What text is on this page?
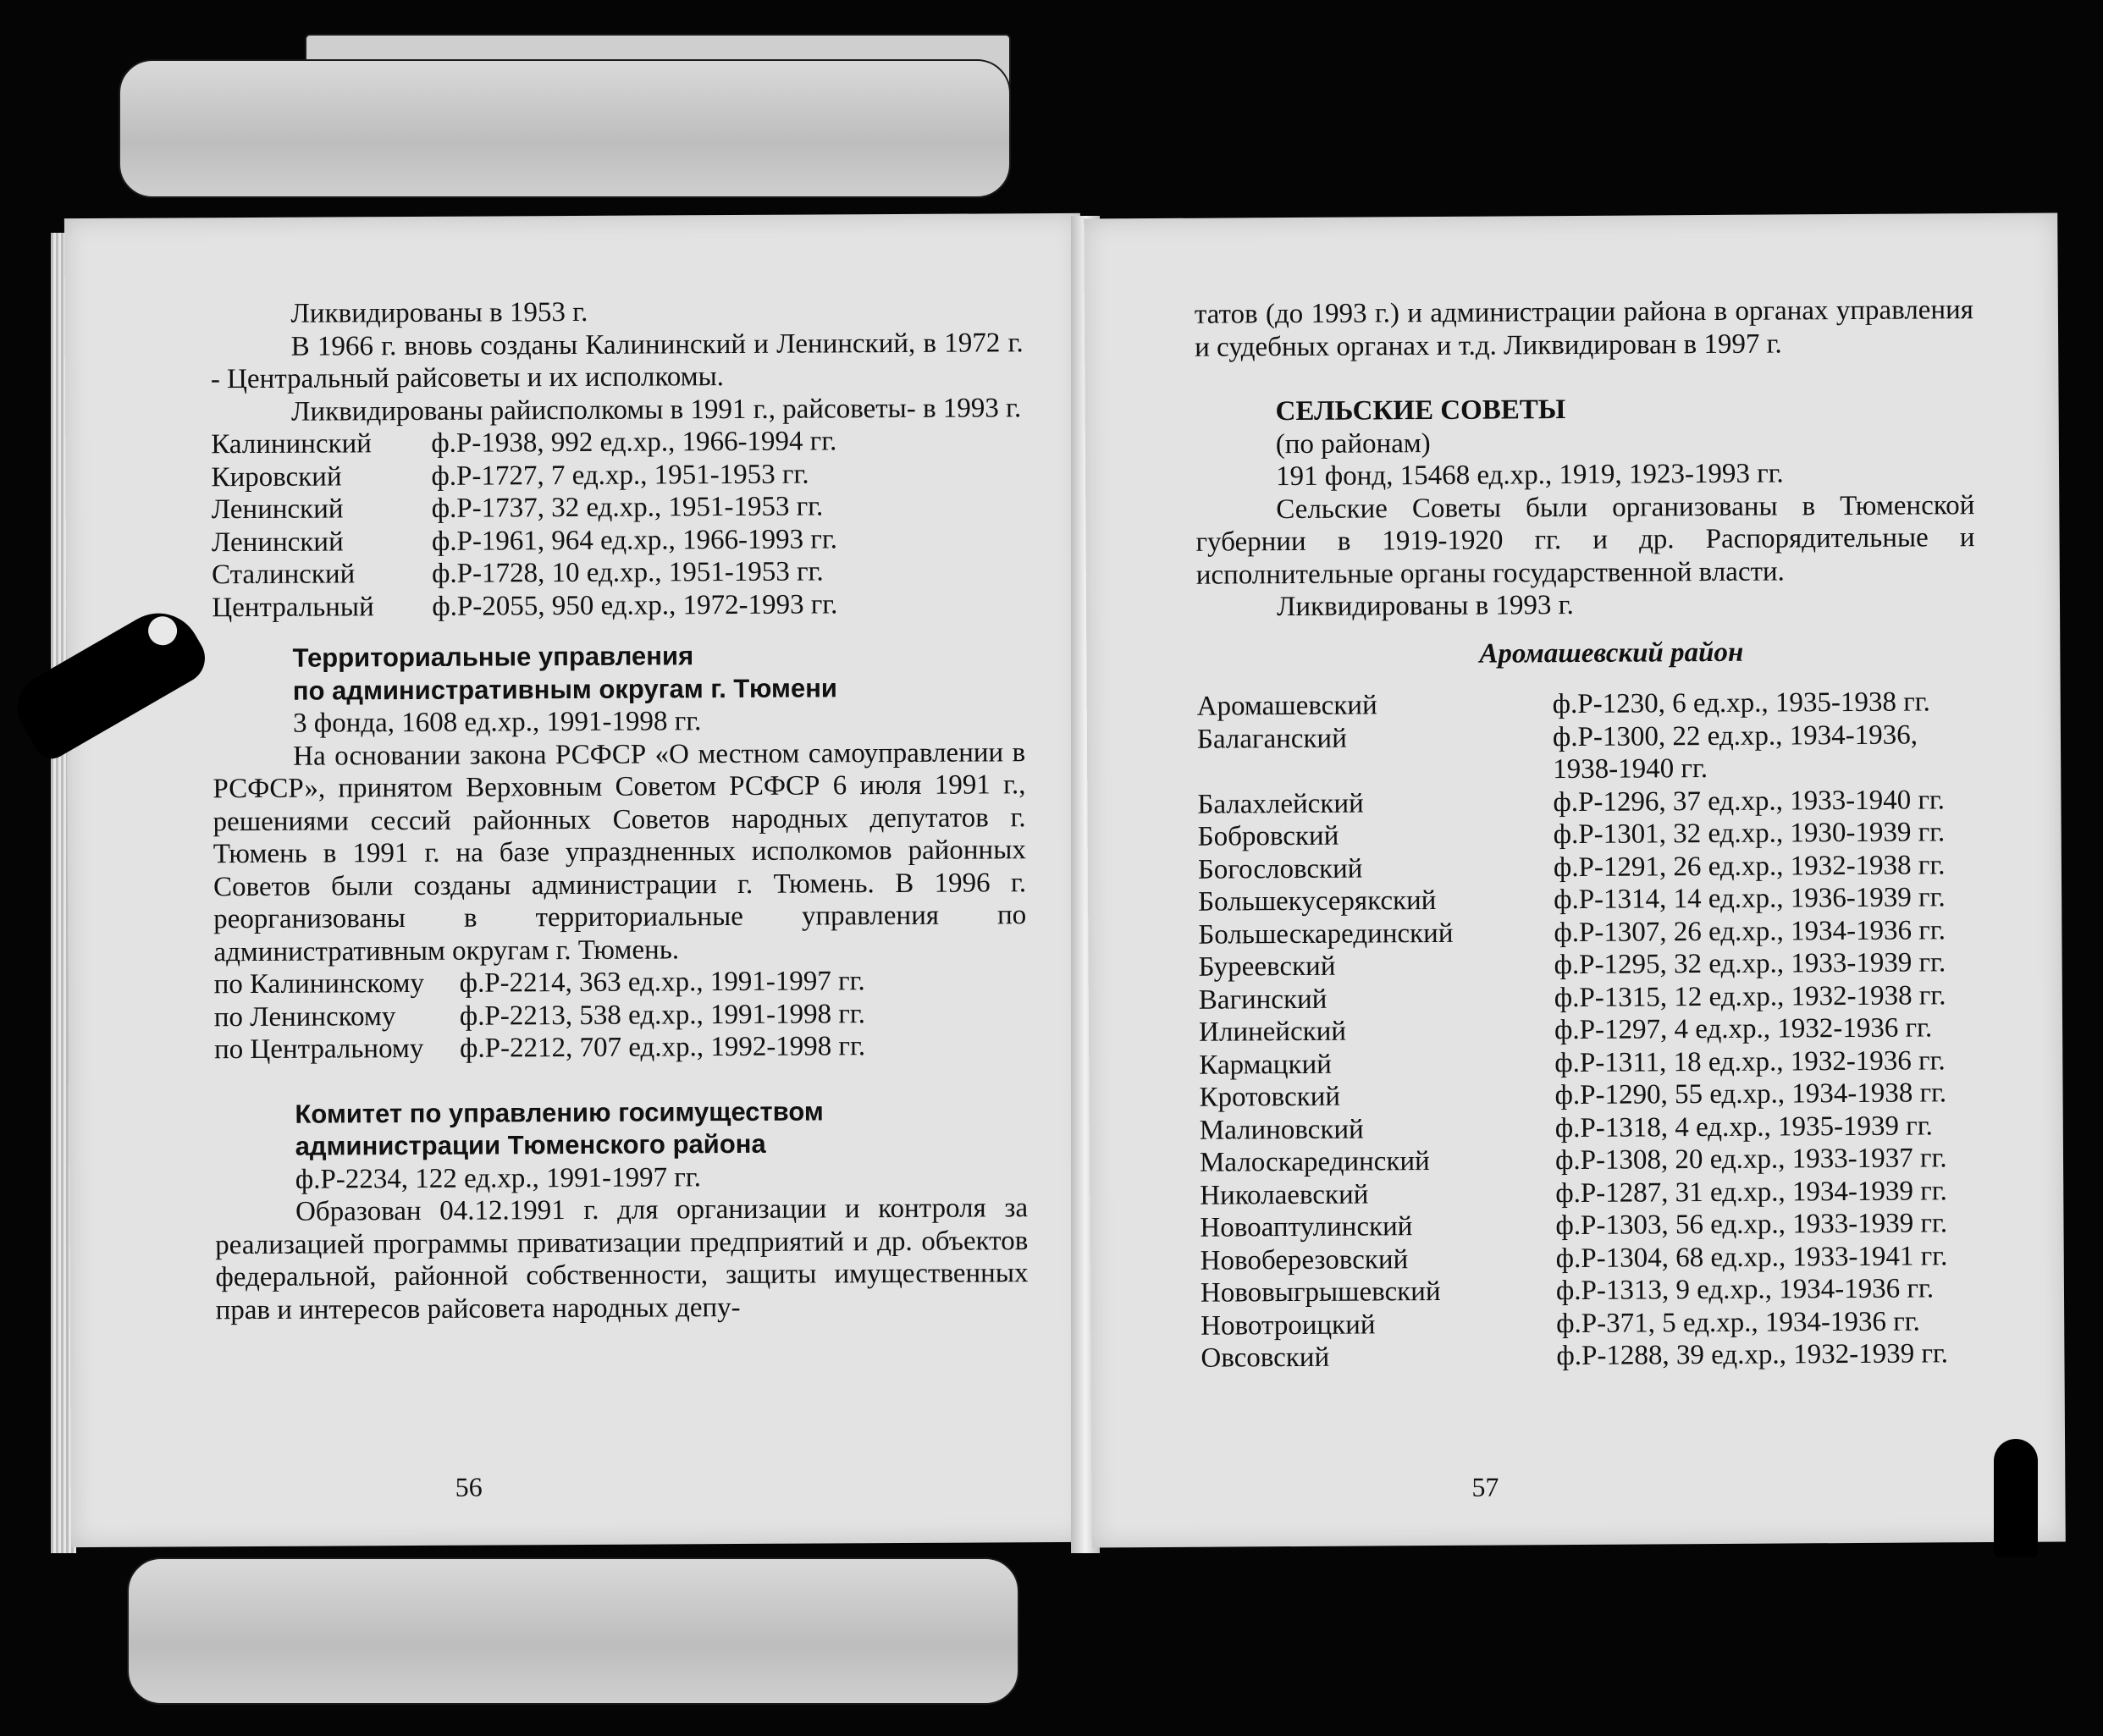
Ликвидированы в 1953 г.

В 1966 г. вновь созданы Калининский и Ленинский, в 1972 г. - Центральный райсоветы и их исполкомы.

Ликвидированы райисполкомы в 1991 г., райсоветы- в 1993 г.

Калининский	ф.Р-1938, 992 ед.хр., 1966-1994 гг.
Кировский	ф.Р-1727, 7 ед.хр., 1951-1953 гг.
Ленинский	ф.Р-1737, 32 ед.хр., 1951-1953 гг.
Ленинский	ф.Р-1961, 964 ед.хр., 1966-1993 гг.
Сталинский	ф.Р-1728, 10 ед.хр., 1951-1953 гг.
Центральный	ф.Р-2055, 950 ед.хр., 1972-1993 гг.

Территориальные управления

по административным округам г. Тюмени

3 фонда, 1608 ед.хр., 1991-1998 гг.

На основании закона РСФСР «О местном самоуправлении в РСФСР», принятом Верховным Советом РСФСР 6 июля 1991 г., решениями сессий районных Советов народных депутатов г. Тюмень в 1991 г. на базе упраздненных исполкомов районных Советов были созданы администрации г. Тюмень. В 1996 г. реорганизованы в территориальные управления по административным округам г. Тюмень.

по Калининскому	ф.Р-2214, 363 ед.хр., 1991-1997 гг.
по Ленинскому	ф.Р-2213, 538 ед.хр., 1991-1998 гг.
по Центральному	ф.Р-2212, 707 ед.хр., 1992-1998 гг.

Комитет по управлению госимуществом

администрации Тюменского района

ф.Р-2234, 122 ед.хр., 1991-1997 гг.

Образован 04.12.1991 г. для организации и контроля за реализацией программы приватизации предприятий и др. объектов федеральной, районной собственности, защиты имущественных прав и интересов райсовета народных депу-

56

татов (до 1993 г.) и администрации района в органах управления и судебных органах и т.д. Ликвидирован в 1997 г.

СЕЛЬСКИЕ СОВЕТЫ

(по районам)

191 фонд, 15468 ед.хр., 1919, 1923-1993 гг.

Сельские Советы были организованы в Тюменской губернии в 1919-1920 гг. и др. Распорядительные и исполнительные органы государственной власти.

Ликвидированы в 1993 г.

Аромашевский район

Аромашевский	ф.Р-1230, 6 ед.хр., 1935-1938 гг.
Балаганский	ф.Р-1300, 22 ед.хр., 1934-1936,
1938-1940 гг.

Балахлейский	ф.Р-1296, 37 ед.хр., 1933-1940 гг.
Бобровский	ф.Р-1301, 32 ед.хр., 1930-1939 гг.
Богословский	ф.Р-1291, 26 ед.хр., 1932-1938 гг.
Большекусерякский	ф.Р-1314, 14 ед.хр., 1936-1939 гг.
Большескарединский	ф.Р-1307, 26 ед.хр., 1934-1936 гг.
Буреевский	ф.Р-1295, 32 ед.хр., 1933-1939 гг.
Вагинский	ф.Р-1315, 12 ед.хр., 1932-1938 гг.
Илинейский	ф.Р-1297, 4 ед.хр., 1932-1936 гг.
Кармацкий	ф.Р-1311, 18 ед.хр., 1932-1936 гг.
Кротовский	ф.Р-1290, 55 ед.хр., 1934-1938 гг.
Малиновский	ф.Р-1318, 4 ед.хр., 1935-1939 гг.
Малоскарединский	ф.Р-1308, 20 ед.хр., 1933-1937 гг.
Николаевский	ф.Р-1287, 31 ед.хр., 1934-1939 гг.
Новоаптулинский	ф.Р-1303, 56 ед.хр., 1933-1939 гг.
Новоберезовский	ф.Р-1304, 68 ед.хр., 1933-1941 гг.
Нововыгрышевский	ф.Р-1313, 9 ед.хр., 1934-1936 гг.
Новотроицкий	ф.Р-371, 5 ед.хр., 1934-1936 гг.
Овсовский	ф.Р-1288, 39 ед.хр., 1932-1939 гг.
57
